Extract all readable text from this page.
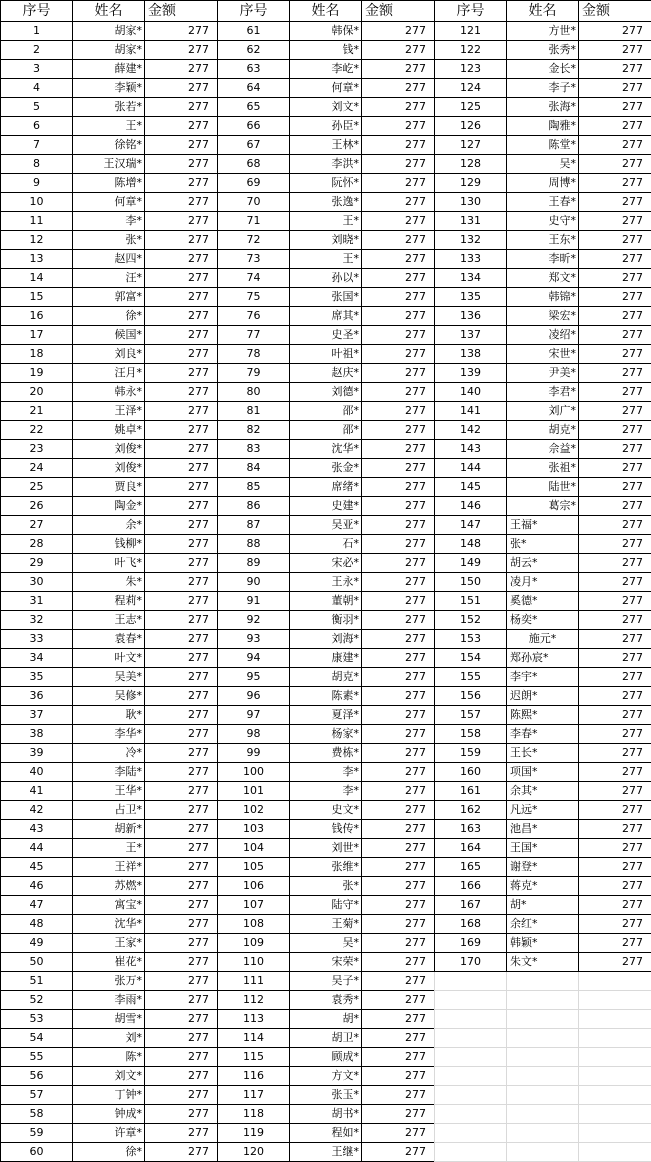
序号	姓名	金额
1	胡家*	277
2	胡家*	277
3	薛建*	277
4	李颖*	277
5	张若*	277
6	王*	277
7	徐铭*	277
8	王汉瑞*	277
9	陈增*	277
10	何章*	277
11	李*	277
12	张*	277
13	赵四*	277
14	汪*	277
15	郭富*	277
16	徐*	277
17	候国*	277
18	刘良*	277
19	汪月*	277
20	韩永*	277
21	王泽*	277
22	姚卓*	277
23	刘俊*	277
24	刘俊*	277
25	贾良*	277
26	陶金*	277
27	余*	277
28	钱柳*	277
29	叶飞*	277
30	朱*	277
31	程莉*	277
32	王志*	277
33	袁春*	277
34	叶文*	277
35	吴美*	277
36	吴修*	277
37	耿*	277
38	李华*	277
39	冷*	277
40	李陆*	277
41	王华*	277
42	占卫*	277
43	胡新*	277
44	王*	277
45	王祥*	277
46	苏燃*	277
47	寓宝*	277
48	沈华*	277
49	王家*	277
50	崔花*	277
51	张万*	277
52	李雨*	277
53	胡雪*	277
54	刘*	277
55	陈*	277
56	刘文*	277
57	丁钟*	277
58	钟成*	277
59	许章*	277
60	徐*	277
序号	姓名	金额
61	韩保*	277
62	钱*	277
63	李屹*	277
64	何章*	277
65	刘文*	277
66	孙臣*	277
67	王林*	277
68	李洪*	277
69	阮怀*	277
70	张逸*	277
71	王*	277
72	刘晓*	277
73	王*	277
74	孙以*	277
75	张国*	277
76	席其*	277
77	史圣*	277
78	叶祖*	277
79	赵庆*	277
80	刘德*	277
81	邵*	277
82	邵*	277
83	沈华*	277
84	张金*	277
85	席绪*	277
86	史建*	277
87	吴亚*	277
88	石*	277
89	宋必*	277
90	王永*	277
91	董朝*	277
92	衡羽*	277
93	刘海*	277
94	康建*	277
95	胡克*	277
96	陈素*	277
97	夏泽*	277
98	杨家*	277
99	费栋*	277
100	李*	277
101	李*	277
102	史文*	277
103	钱传*	277
104	刘世*	277
105	张维*	277
106	张*	277
107	陆守*	277
108	王菊*	277
109	吴*	277
110	宋荣*	277
111	吴子*	277
112	袁秀*	277
113	胡*	277
114	胡卫*	277
115	顾成*	277
116	方文*	277
117	张玉*	277
118	胡书*	277
119	程如*	277
120	王继*	277
序号	姓名	金额
121	方世*	277
122	张秀*	277
123	金长*	277
124	李子*	277
125	张海*	277
126	陶雅*	277
127	陈堂*	277
128	吴*	277
129	周博*	277
130	王春*	277
131	史守*	277
132	王东*	277
133	李昕*	277
134	郑文*	277
135	韩锦*	277
136	梁宏*	277
137	凌绍*	277
138	宋世*	277
139	尹美*	277
140	李君*	277
141	刘广*	277
142	胡克*	277
143	佘益*	277
144	张祖*	277
145	陆世*	277
146	葛宗*	277
147	王福*	277
148	张*	277
149	胡云*	277
150	凌月*	277
151	奚德*	277
152	杨奕*	277
153	施元*	277
154	郑孙宸*	277
155	李宇*	277
156	迟朗*	277
157	陈熙*	277
158	李春*	277
159	王长*	277
160	项国*	277
161	余其*	277
162	凡远*	277
163	池昌*	277
164	王国*	277
165	谢登*	277
166	蒋克*	277
167	胡*	277
168	余红*	277
169	韩颖*	277
170	朱文*	277
